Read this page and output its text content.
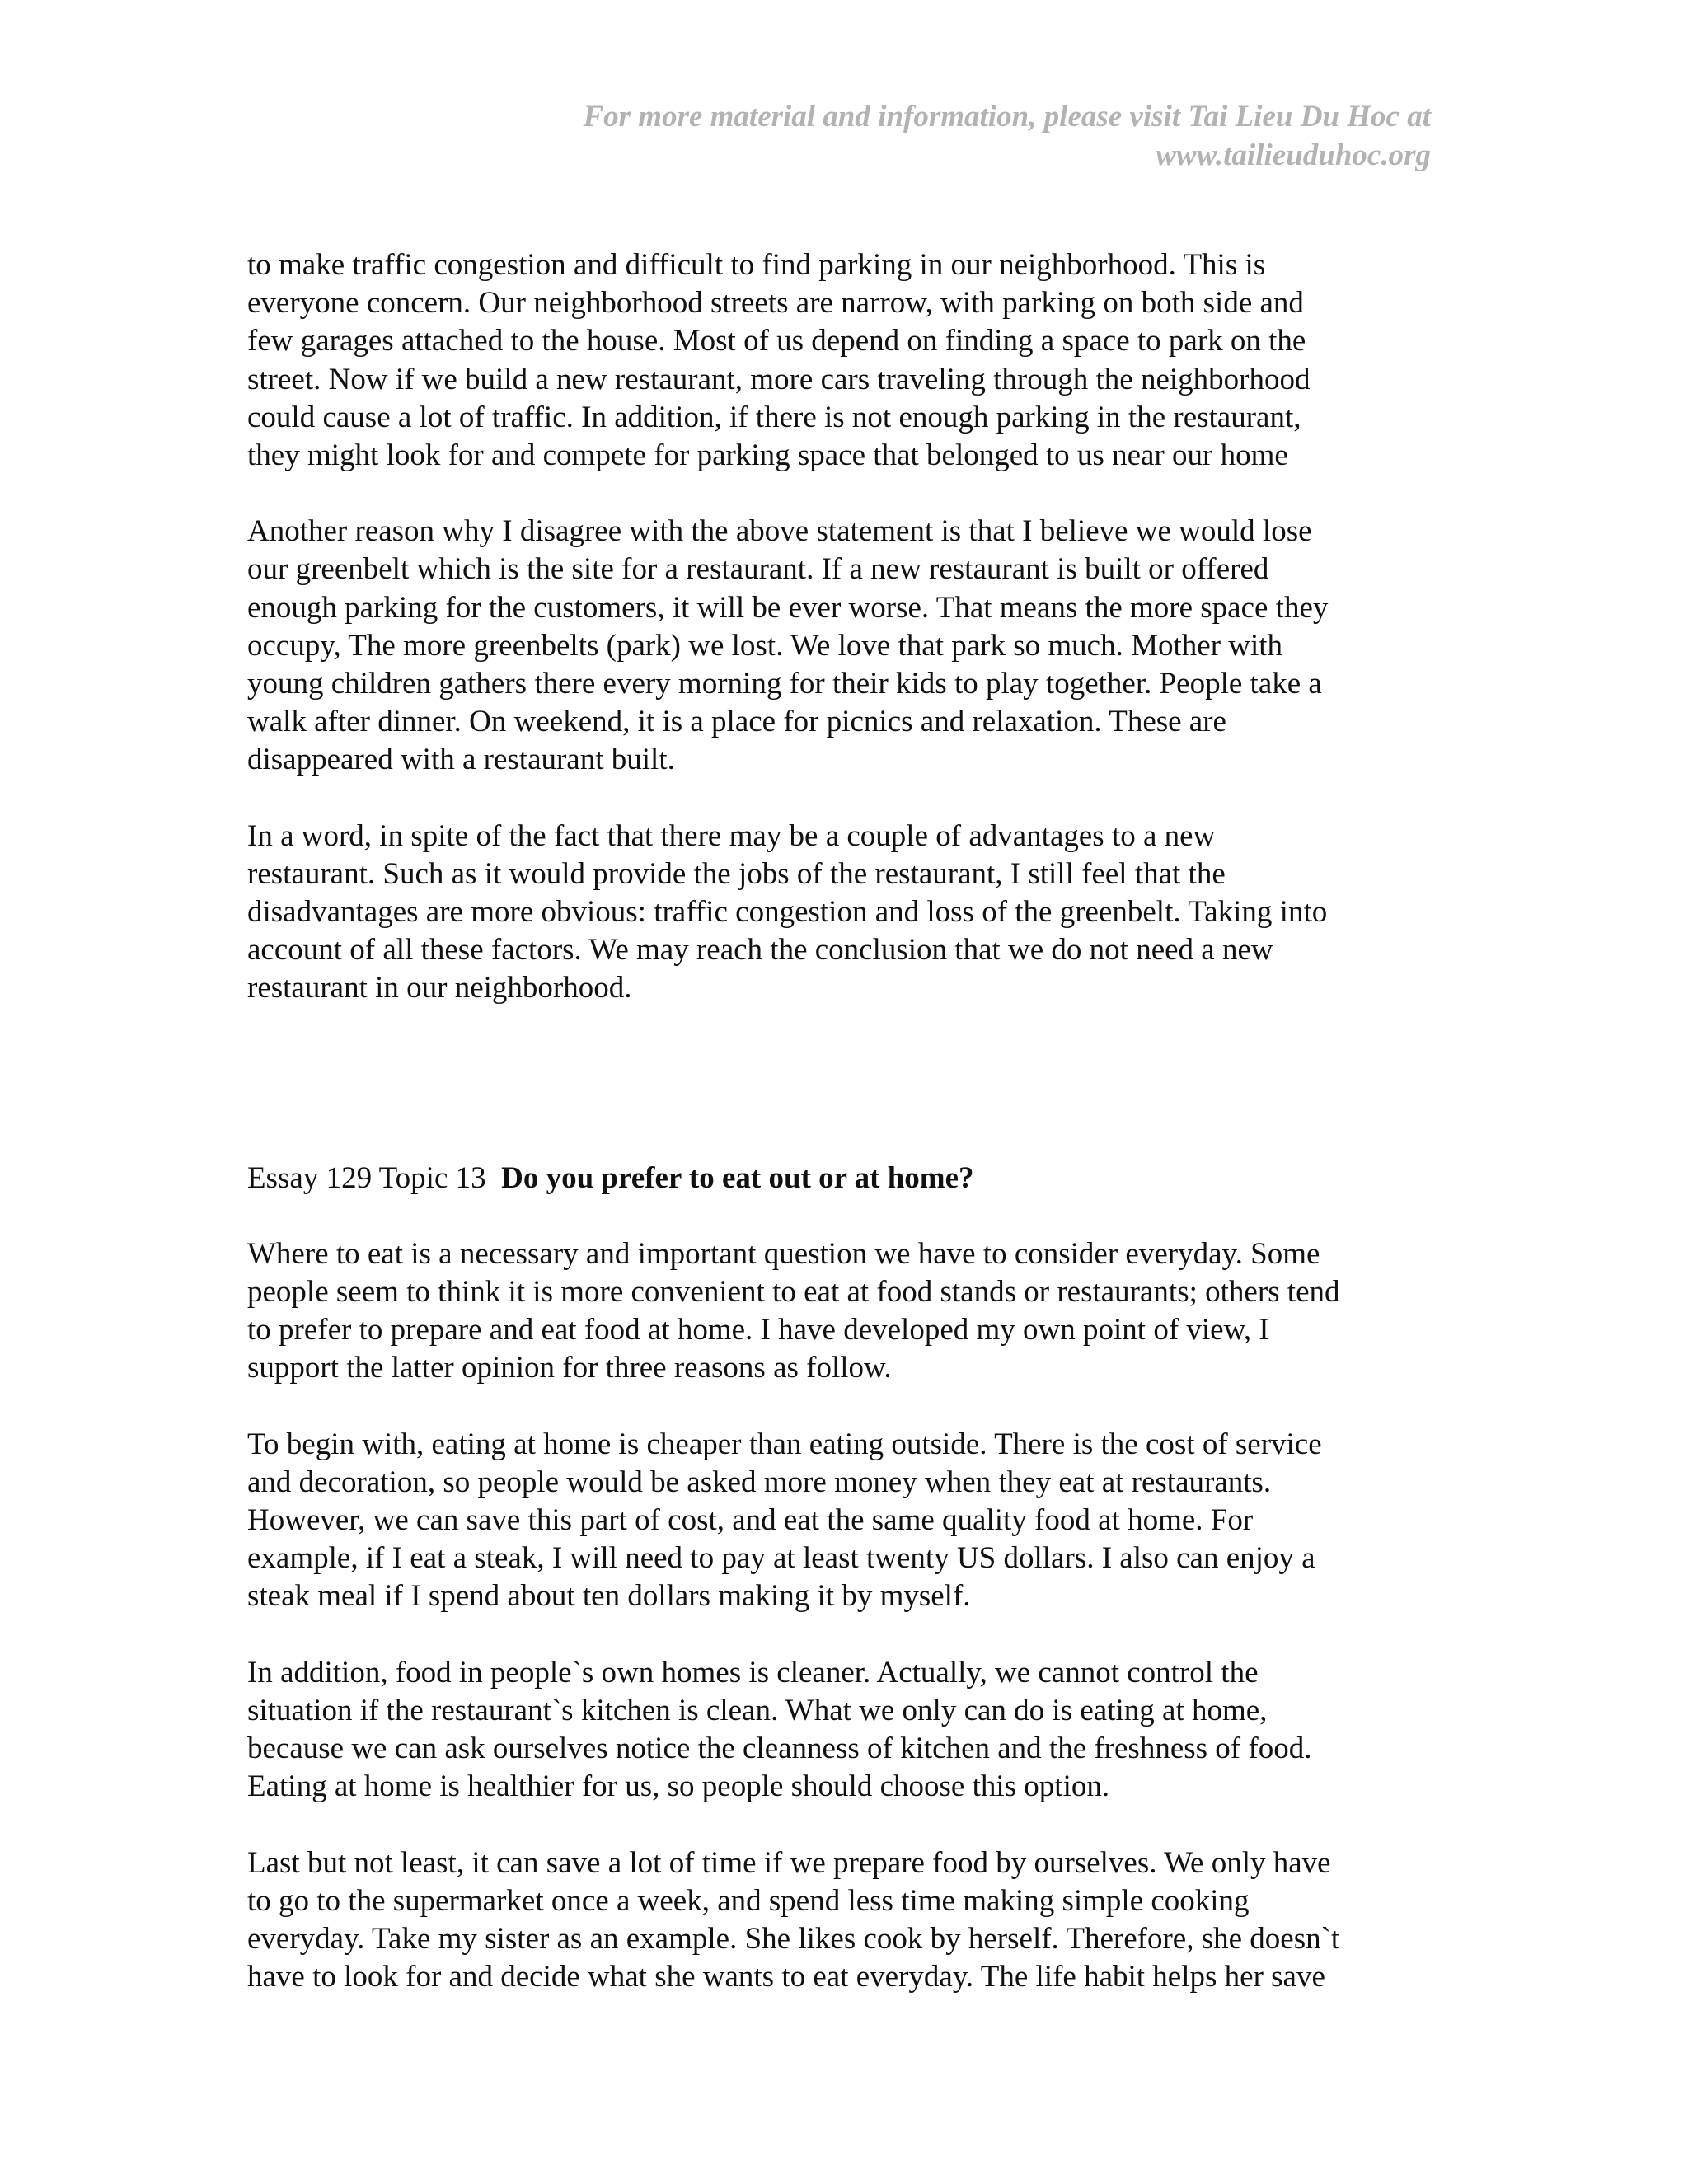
For more material and information, please visit Tai Lieu Du Hoc at
www.tailieuduhoc.org

to make traffic congestion and difficult to find parking in our neighborhood. This is
everyone concern. Our neighborhood streets are narrow, with parking on both side and
few garages attached to the house. Most of us depend on finding a space to park on the
street. Now if we build a new restaurant, more cars traveling through the neighborhood
could cause a lot of traffic. In addition, if there is not enough parking in the restaurant,
they might look for and compete for parking space that belonged to us near our home

Another reason why I disagree with the above statement is that I believe we would lose
our greenbelt which is the site for a restaurant. If a new restaurant is built or offered
enough parking for the customers, it will be ever worse. That means the more space they
occupy, The more greenbelts (park) we lost. We love that park so much. Mother with
young children gathers there every morning for their kids to play together. People take a
walk after dinner. On weekend, it is a place for picnics and relaxation. These are
disappeared with a restaurant built.

In a word, in spite of the fact that there may be a couple of advantages to a new
restaurant. Such as it would provide the jobs of the restaurant, I still feel that the
disadvantages are more obvious: traffic congestion and loss of the greenbelt. Taking into
account of all these factors. We may reach the conclusion that we do not need a new
restaurant in our neighborhood.

Essay 129 Topic 13 Do you prefer to eat out or at home?

Where to eat is a necessary and important question we have to consider everyday. Some
people seem to think it is more convenient to eat at food stands or restaurants; others tend
to prefer to prepare and eat food at home. I have developed my own point of view, I
support the latter opinion for three reasons as follow.

To begin with, eating at home is cheaper than eating outside. There is the cost of service
and decoration, so people would be asked more money when they eat at restaurants.
However, we can save this part of cost, and eat the same quality food at home. For
example, if I eat a steak, I will need to pay at least twenty US dollars. I also can enjoy a
steak meal if I spend about ten dollars making it by myself.

In addition, food in people`s own homes is cleaner. Actually, we cannot control the
situation if the restaurant`s kitchen is clean. What we only can do is eating at home,
because we can ask ourselves notice the cleanness of kitchen and the freshness of food.
Eating at home is healthier for us, so people should choose this option.

Last but not least, it can save a lot of time if we prepare food by ourselves. We only have
to go to the supermarket once a week, and spend less time making simple cooking
everyday. Take my sister as an example. She likes cook by herself. Therefore, she doesn`t
have to look for and decide what she wants to eat everyday. The life habit helps her save
